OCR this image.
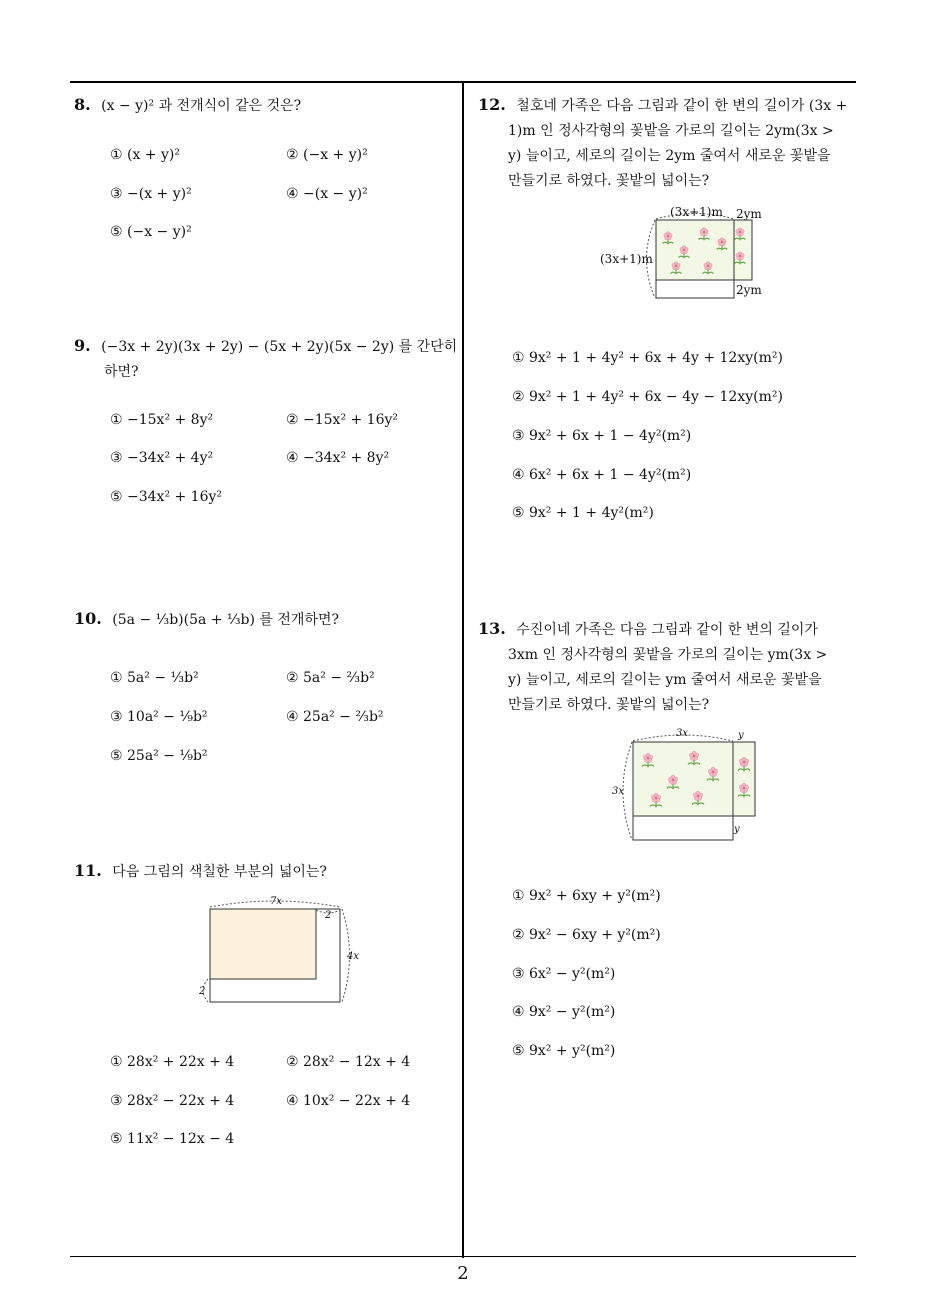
8. (x − y)² 과 전개식이 같은 것은?
① (x + y)²	② (−x + y)²
③ −(x + y)²	④ −(x − y)²
⑤ (−x − y)²
9. (−3x + 2y)(3x + 2y) − (5x + 2y)(5x − 2y) 를 간단히
하면?
① −15x² + 8y²	② −15x² + 16y²
③ −34x² + 4y²	④ −34x² + 8y²
⑤ −34x² + 16y²
10. (5a − ⅓b)(5a + ⅓b) 를 전개하면?
① 5a² − ⅓b²	② 5a² − ⅔b²
③ 10a² − ⅑b²	④ 25a² − ⅔b²
⑤ 25a² − ⅑b²
11. 다음 그림의 색칠한 부분의 넓이는?
7x
2
4x
2
① 28x² + 22x + 4	② 28x² − 12x + 4
③ 28x² − 22x + 4	④ 10x² − 22x + 4
⑤ 11x² − 12x − 4
12. 철호네 가족은 다음 그림과 같이 한 변의 길이가 (3x +
1)m 인 정사각형의 꽃밭을 가로의 길이는 2ym(3x >
y) 늘이고, 세로의 길이는 2ym 줄여서 새로운 꽃밭을
만들기로 하였다. 꽃밭의 넓이는?
(3x+1)m 2ym
(3x+1)m
2ym
① 9x² + 1 + 4y² + 6x + 4y + 12xy(m²)
② 9x² + 1 + 4y² + 6x − 4y − 12xy(m²)
③ 9x² + 6x + 1 − 4y²(m²)
④ 6x² + 6x + 1 − 4y²(m²)
⑤ 9x² + 1 + 4y²(m²)
13. 수진이네 가족은 다음 그림과 같이 한 변의 길이가
3xm 인 정사각형의 꽃밭을 가로의 길이는 ym(3x >
y) 늘이고, 세로의 길이는 ym 줄여서 새로운 꽃밭을
만들기로 하였다. 꽃밭의 넓이는?
3x	y
3x
y
① 9x² + 6xy + y²(m²)
② 9x² − 6xy + y²(m²)
③ 6x² − y²(m²)
④ 9x² − y²(m²)
⑤ 9x² + y²(m²)
2
